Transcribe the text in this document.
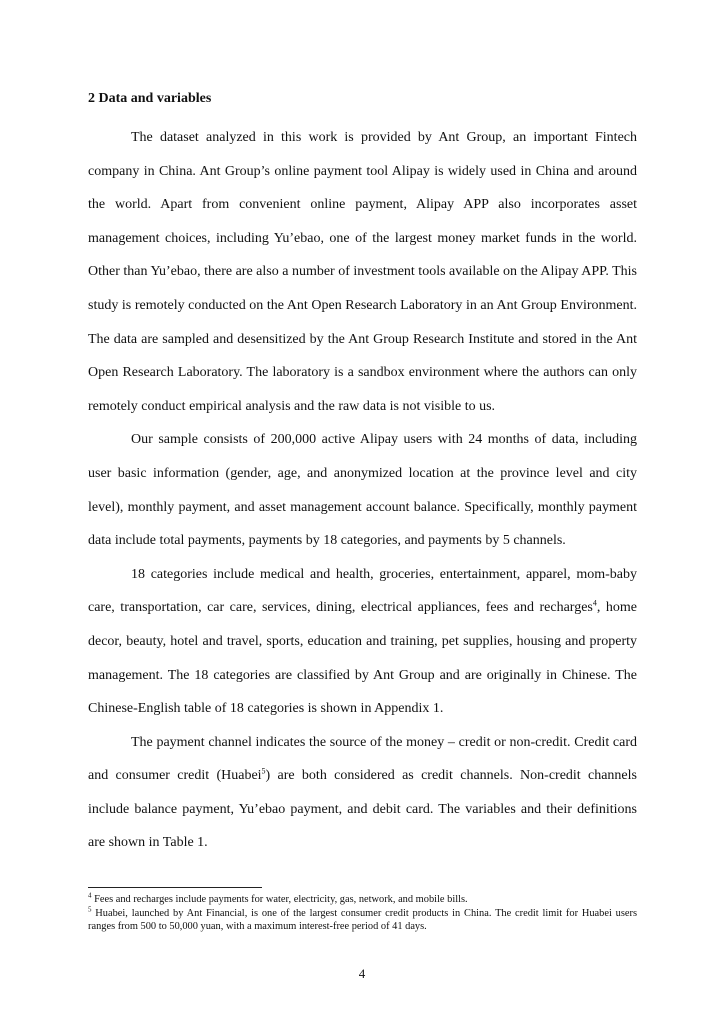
2 Data and variables

The dataset analyzed in this work is provided by Ant Group, an important Fintech company in China. Ant Group’s online payment tool Alipay is widely used in China and around the world. Apart from convenient online payment, Alipay APP also incorporates asset management choices, including Yu’ebao, one of the largest money market funds in the world. Other than Yu’ebao, there are also a number of investment tools available on the Alipay APP. This study is remotely conducted on the Ant Open Research Laboratory in an Ant Group Environment. The data are sampled and desensitized by the Ant Group Research Institute and stored in the Ant Open Research Laboratory. The laboratory is a sandbox environment where the authors can only remotely conduct empirical analysis and the raw data is not visible to us.

Our sample consists of 200,000 active Alipay users with 24 months of data, including user basic information (gender, age, and anonymized location at the province level and city level), monthly payment, and asset management account balance. Specifically, monthly payment data include total payments, payments by 18 categories, and payments by 5 channels.

18 categories include medical and health, groceries, entertainment, apparel, mom-baby care, transportation, car care, services, dining, electrical appliances, fees and recharges$^4$, home decor, beauty, hotel and travel, sports, education and training, pet supplies, housing and property management. The 18 categories are classified by Ant Group and are originally in Chinese. The Chinese-English table of 18 categories is shown in Appendix 1.

The payment channel indicates the source of the money – credit or non-credit. Credit card and consumer credit (Huabei$^5$) are both considered as credit channels. Non-credit channels include balance payment, Yu’ebao payment, and debit card. The variables and their definitions are shown in Table 1.

$^4$ Fees and recharges include payments for water, electricity, gas, network, and mobile bills.

$^5$ Huabei, launched by Ant Financial, is one of the largest consumer credit products in China. The credit limit for Huabei users ranges from 500 to 50,000 yuan, with a maximum interest-free period of 41 days.

4
